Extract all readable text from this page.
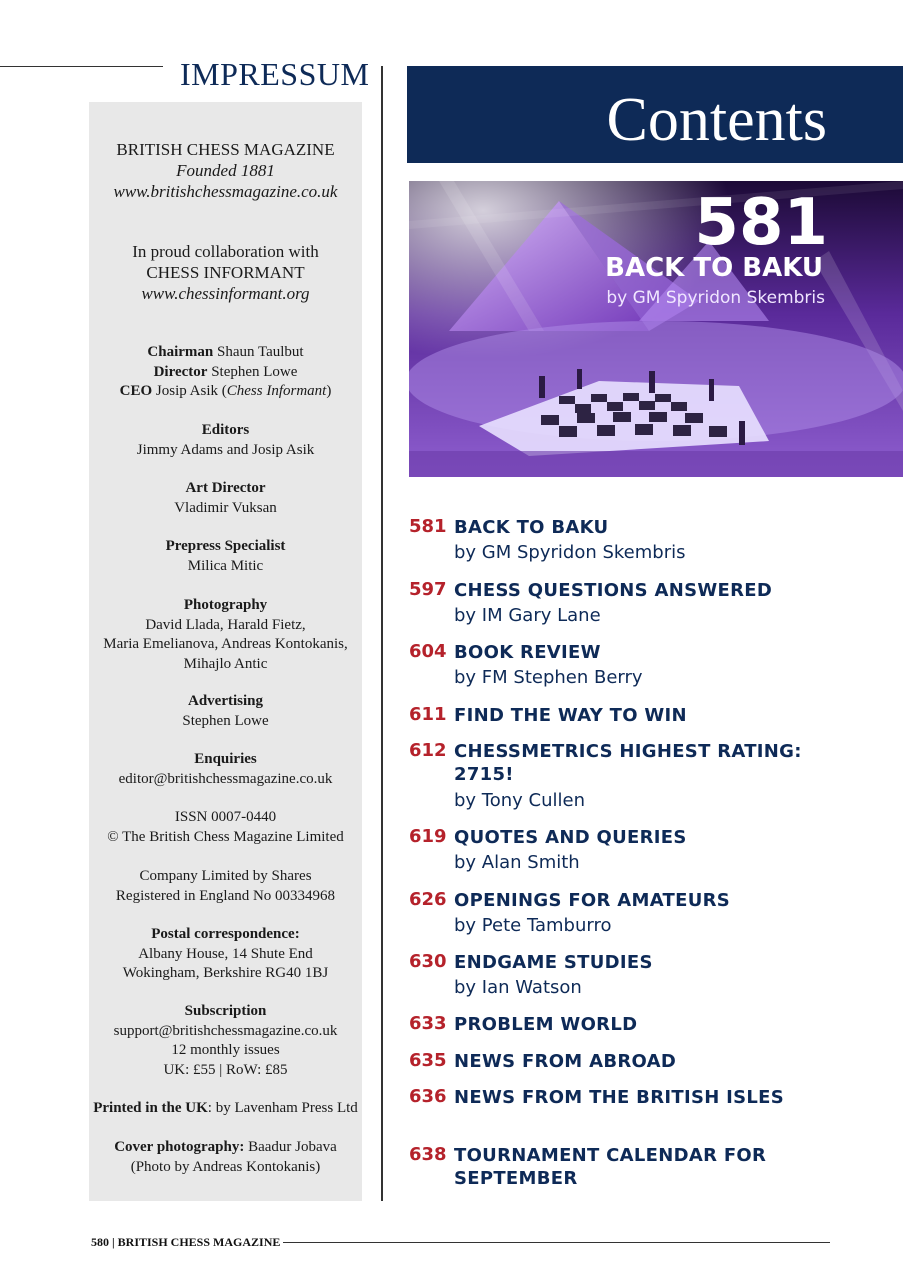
IMPRESSUM
BRITISH CHESS MAGAZINE
Founded 1881
www.britishchessmagazine.co.uk
In proud collaboration with
CHESS INFORMANT
www.chessinformant.org
Chairman Shaun Taulbut
Director Stephen Lowe
CEO Josip Asik (Chess Informant)
Editors
Jimmy Adams and Josip Asik
Art Director
Vladimir Vuksan
Prepress Specialist
Milica Mitic
Photography
David Llada, Harald Fietz,
Maria Emelianova, Andreas Kontokanis,
Mihajlo Antic
Advertising
Stephen Lowe
Enquiries
editor@britishchessmagazine.co.uk
ISSN 0007-0440
© The British Chess Magazine Limited
Company Limited by Shares
Registered in England No 00334968
Postal correspondence:
Albany House, 14 Shute End
Wokingham, Berkshire RG40 1BJ
Subscription
support@britishchessmagazine.co.uk
12 monthly issues
UK: £55 | RoW: £85
Printed in the UK: by Lavenham Press Ltd
Cover photography: Baadur Jobava
(Photo by Andreas Kontokanis)
Contents
581
BACK TO BAKU
by GM Spyridon Skembris
581 BACK TO BAKU
by GM Spyridon Skembris
597 CHESS QUESTIONS ANSWERED
by IM Gary Lane
604 BOOK REVIEW
by FM Stephen Berry
611 FIND THE WAY TO WIN
612 CHESSMETRICS HIGHEST RATING: 2715!
by Tony Cullen
619 QUOTES AND QUERIES
by Alan Smith
626 OPENINGS FOR AMATEURS
by Pete Tamburro
630 ENDGAME STUDIES
by Ian Watson
633 PROBLEM WORLD
635 NEWS FROM ABROAD
636 NEWS FROM THE BRITISH ISLES
638 TOURNAMENT CALENDAR FOR SEPTEMBER
580 | BRITISH CHESS MAGAZINE
